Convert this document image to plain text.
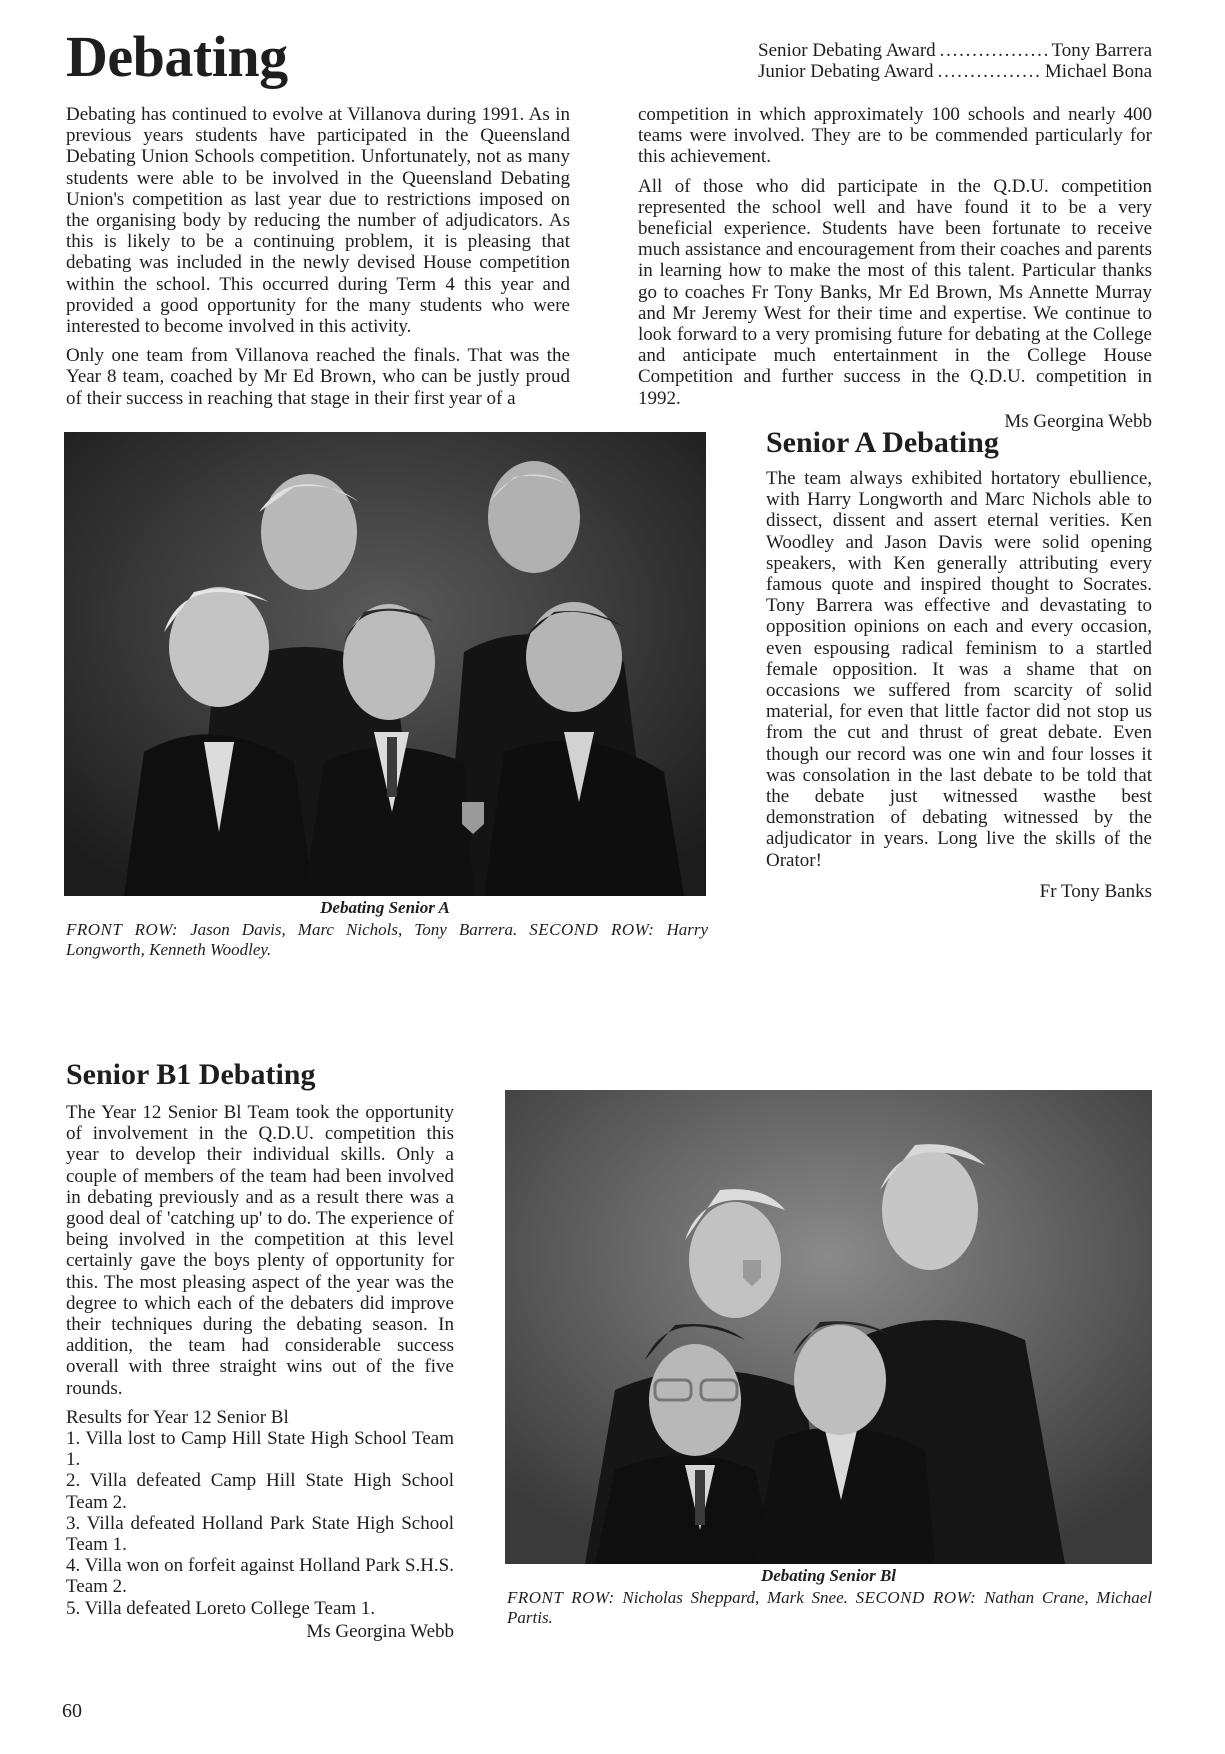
Debating	Senior Debating Award . . .	Tony Barrera
Junior Debating Award . . .	Michael Bona

Debating has continued to evolve at Villanova during 1991. As in previous years students have participated in the Queensland Debating Union Schools competition. Unfortunately, not as many students were able to be involved in the Queensland Debating Union's competition as last year due to restrictions imposed on the organising body by reducing the number of adjudicators. As this is likely to be a continuing problem, it is pleasing that debating was included in the newly devised House competition within the school. This occurred during Term 4 this year and provided a good opportunity for the many students who were interested to become involved in this activity.

Only one team from Villanova reached the finals. That was the Year 8 team, coached by Mr Ed Brown, who can be justly proud of their success in reaching that stage in their first year of a

competition in which approximately 100 schools and nearly 400 teams were involved. They are to be commended particularly for this achievement.

All of those who did participate in the Q.D.U. competition represented the school well and have found it to be a very beneficial experience. Students have been fortunate to receive much assistance and encouragement from their coaches and parents in learning how to make the most of this talent. Particular thanks go to coaches Fr Tony Banks, Mr Ed Brown, Ms Annette Murray and Mr Jeremy West for their time and expertise. We continue to look forward to a very promising future for debating at the College and anticipate much entertainment in the College House Competition and further success in the Q.D.U. competition in 1992.

Ms Georgina Webb
Debating Senior A
FRONT ROW: Jason Davis, Marc Nichols, Tony Barrera. SECOND ROW: Harry Longworth, Kenneth Woodley.
Senior A Debating

The team always exhibited hortatory ebullience, with Harry Longworth and Marc Nichols able to dissect, dissent and assert eternal verities. Ken Woodley and Jason Davis were solid opening speakers, with Ken generally attributing every famous quote and inspired thought to Socrates. Tony Barrera was effective and devastating to opposition opinions on each and every occasion, even espousing radical feminism to a startled female opposition. It was a shame that on occasions we suffered from scarcity of solid material, for even that little factor did not stop us from the cut and thrust of great debate. Even though our record was one win and four losses it was consolation in the last debate to be told that the debate just witnessed wasthe best demonstration of debating witnessed by the adjudicator in years. Long live the skills of the Orator!

Fr Tony Banks
Senior B1 Debating

The Year 12 Senior Bl Team took the opportunity of involvement in the Q.D.U. competition this year to develop their individual skills. Only a couple of members of the team had been involved in debating previously and as a result there was a good deal of 'catching up' to do. The experience of being involved in the competition at this level certainly gave the boys plenty of opportunity for this. The most pleasing aspect of the year was the degree to which each of the debaters did improve their techniques during the debating season. In addition, the team had considerable success overall with three straight wins out of the five rounds.

Results for Year 12 Senior Bl
1. Villa lost to Camp Hill State High School Team 1.
2. Villa defeated Camp Hill State High School Team 2.
3. Villa defeated Holland Park State High School Team 1.
4. Villa won on forfeit against Holland Park S.H.S. Team 2.
5. Villa defeated Loreto College Team 1.
Ms Georgina Webb
Debating Senior Bl
FRONT ROW: Nicholas Sheppard, Mark Snee. SECOND ROW: Nathan Crane, Michael Partis.
60
